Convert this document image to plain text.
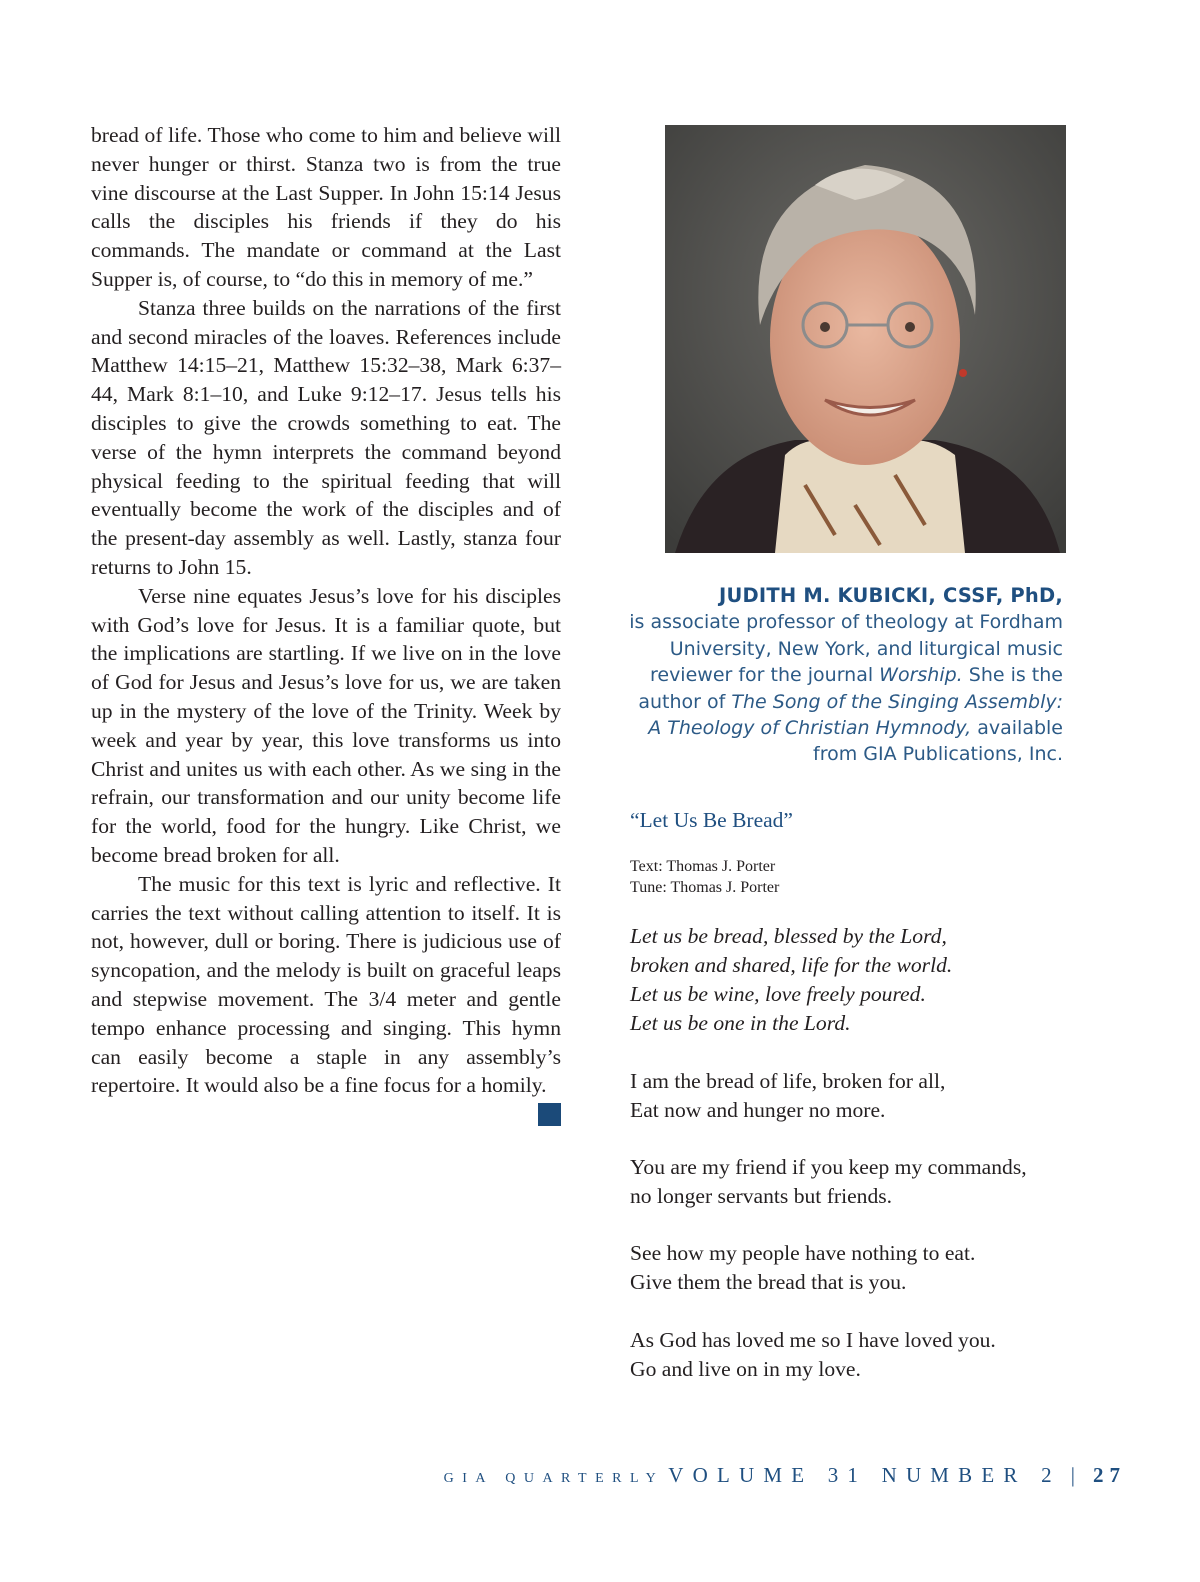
bread of life. Those who come to him and believe will never hunger or thirst. Stanza two is from the true vine discourse at the Last Supper. In John 15:14 Jesus calls the disciples his friends if they do his commands. The mandate or command at the Last Supper is, of course, to “do this in memory of me.”

Stanza three builds on the narrations of the first and second miracles of the loaves. References include Matthew 14:15–21, Matthew 15:32–38, Mark 6:37–44, Mark 8:1–10, and Luke 9:12–17. Jesus tells his disciples to give the crowds something to eat. The verse of the hymn interprets the command beyond physical feeding to the spiritual feeding that will eventually become the work of the disciples and of the present-day assembly as well. Lastly, stanza four returns to John 15.

Verse nine equates Jesus’s love for his disciples with God’s love for Jesus. It is a familiar quote, but the implications are startling. If we live on in the love of God for Jesus and Jesus’s love for us, we are taken up in the mystery of the love of the Trinity. Week by week and year by year, this love transforms us into Christ and unites us with each other. As we sing in the refrain, our transformation and our unity become life for the world, food for the hungry. Like Christ, we become bread broken for all.

The music for this text is lyric and reflective. It carries the text without calling attention to itself. It is not, however, dull or boring. There is judicious use of syncopation, and the melody is built on graceful leaps and stepwise movement. The 3/4 meter and gentle tempo enhance processing and singing. This hymn can easily become a staple in any assembly’s repertoire. It would also be a fine focus for a homily.

JUDITH M. KUBICKI, CSSF, PhD,
is associate professor of theology at Fordham
University, New York, and liturgical music
reviewer for the journal Worship. She is the
author of The Song of the Singing Assembly:
A Theology of Christian Hymnody, available
from GIA Publications, Inc.
“Let Us Be Bread”
Text: Thomas J. Porter
Tune: Thomas J. Porter
Let us be bread, blessed by the Lord,
broken and shared, life for the world.
Let us be wine, love freely poured.
Let us be one in the Lord.
I am the bread of life, broken for all,
Eat now and hunger no more.
You are my friend if you keep my commands,
no longer servants but friends.
See how my people have nothing to eat.
Give them the bread that is you.
As God has loved me so I have loved you.
Go and live on in my love.
GIA QUARTERLY VOLUME 31 NUMBER 2 | 27
